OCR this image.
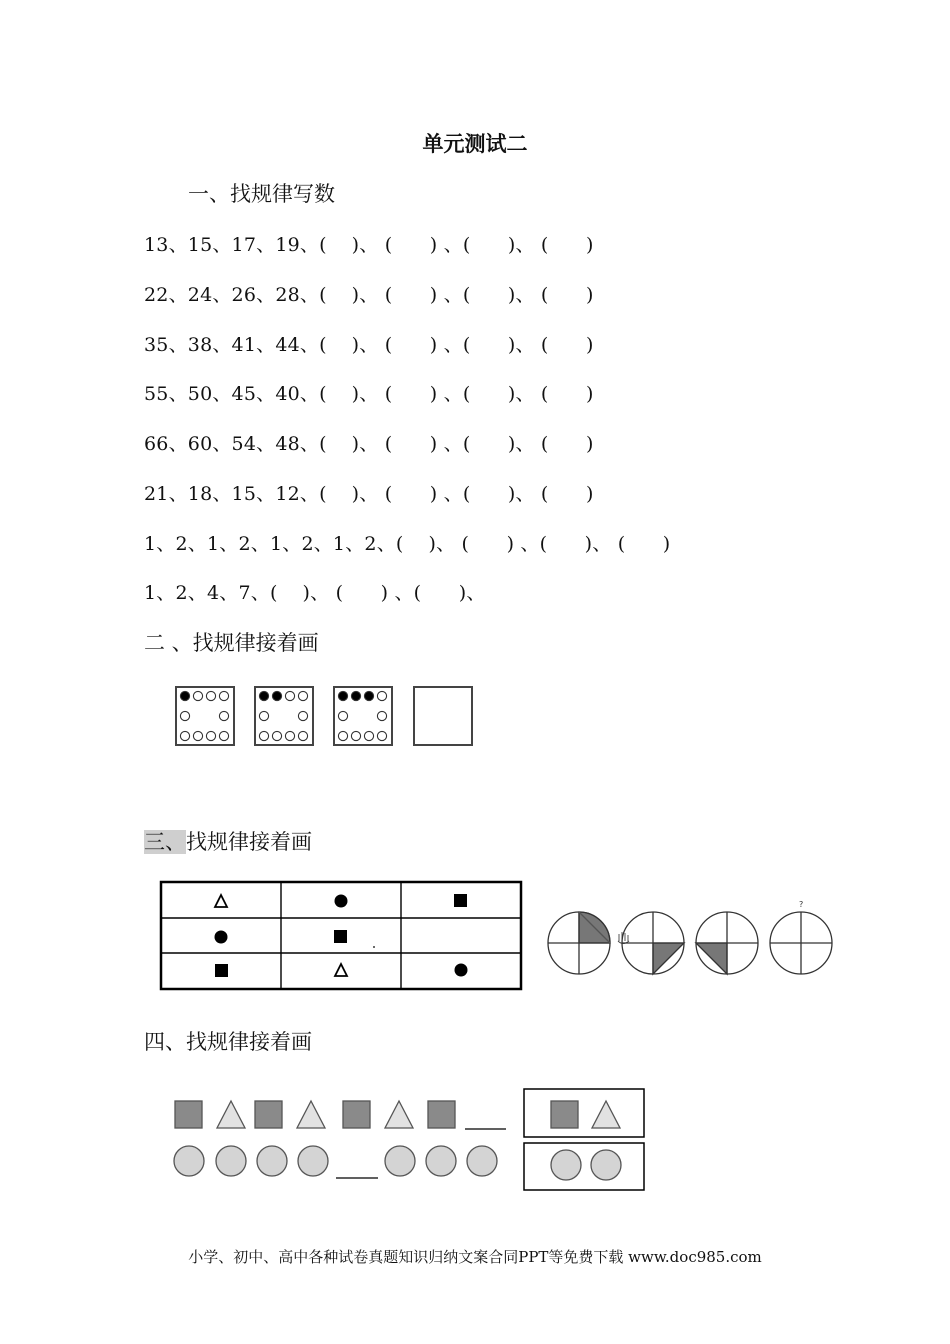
单元测试二
一、找规律写数
13、15、17、19、(    )、 (      ) 、(      )、 (      )
22、24、26、28、(    )、 (      ) 、(      )、 (      )
35、38、41、44、(    )、 (      ) 、(      )、 (      )
55、50、45、40、(    )、 (      ) 、(      )、 (      )
66、60、54、48、(    )、 (      ) 、(      )、 (      )
21、18、15、12、(    )、 (      ) 、(      )、 (      )
1、2、1、2、1、2、1、2、(    )、 (      ) 、(      )、 (      )
1、2、4、7、(    )、 (      ) 、(      )、
二 、找规律接着画
三、找规律接着画
?
四、找规律接着画
小学、初中、高中各种试卷真题知识归纳文案合同PPT等免费下载 www.doc985.com
